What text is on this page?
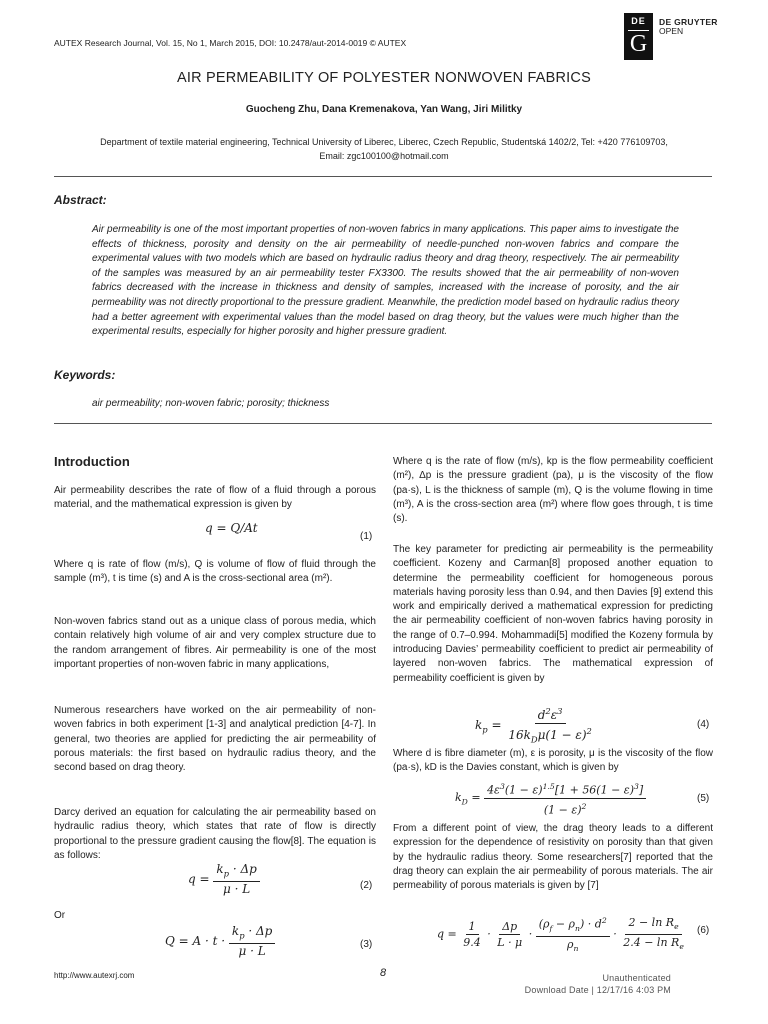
AUTEX Research Journal, Vol. 15, No 1, March 2015, DOI: 10.2478/aut-2014-0019 © AUTEX
DE
G
DE GRUYTER
OPEN
AIR PERMEABILITY OF POLYESTER NONWOVEN FABRICS
Guocheng Zhu, Dana Kremenakova, Yan Wang, Jiri Militky
Department of textile material engineering, Technical University of Liberec, Liberec, Czech Republic, Studentská 1402/2, Tel: +420 776109703,
Email: zgc100100@hotmail.com
Abstract:
Air permeability is one of the most important properties of non-woven fabrics in many applications. This paper aims to investigate the effects of thickness, porosity and density on the air permeability of needle-punched non-woven fabrics and compare the experimental values with two models which are based on hydraulic radius theory and drag theory, respectively. The air permeability of the samples was measured by an air permeability tester FX3300. The results showed that the air permeability of non-woven fabrics decreased with the increase in thickness and density of samples, increased with the increase of porosity, and the air permeability was not directly proportional to the pressure gradient. Meanwhile, the prediction model based on hydraulic radius theory had a better agreement with experimental values than the model based on drag theory, but the values were much higher than the experimental results, especially for higher porosity and higher pressure gradient.
Keywords:
air permeability; non-woven fabric; porosity; thickness
Introduction
Air permeability describes the rate of flow of a fluid through a porous material, and the mathematical expression is given by
q = Q/At
(1)
Where q is rate of flow (m/s), Q is volume of flow of fluid through the sample (m³), t is time (s) and A is the cross-sectional area (m²).
Non-woven fabrics stand out as a unique class of porous media, which contain relatively high volume of air and very complex structure due to the random arrangement of fibres. Air permeability is one of the most important properties of non-woven fabric in many applications,
Numerous researchers have worked on the air permeability of non-woven fabrics in both experiment [1-3] and analytical prediction [4-7]. In general, two theories are applied for predicting the air permeability of porous materials: the first based on hydraulic radius theory, and the second based on drag theory.
Darcy derived an equation for calculating the air permeability based on hydraulic radius theory, which states that rate of flow is directly proportional to the pressure gradient causing the flow[8]. The equation is as follows:
$q = \frac{k_p \cdot \Delta p}{\mu \cdot L}$	(2)
Or
$Q = A \cdot t \cdot \frac{k_p \cdot \Delta p}{\mu \cdot L}$	(3)
Where q is the rate of flow (m/s), kp is the flow permeability coefficient (m²), Δp is the pressure gradient (pa), μ is the viscosity of the flow (pa·s), L is the thickness of sample (m), Q is the volume flowing in time (m³), A is the cross-section area (m²) where flow goes through, t is time (s).
The key parameter for predicting air permeability is the permeability coefficient. Kozeny and Carman[8] proposed another equation to determine the permeability coefficient for homogeneous porous materials having porosity less than 0.94, and then Davies [9] extend this work and empirically derived a mathematical expression for predicting the air permeability coefficient of non-woven fabrics having porosity in the range of 0.7–0.994. Mohammadi[5] modified the Kozeny formula by introducing Davies’ permeability coefficient to predict air permeability of layered non-woven fabrics. The mathematical expression of permeability coefficient is given by
$k_p = \frac{d^2\varepsilon^3}{16k_D\mu(1 - \varepsilon)^2}$	(4)
Where d is fibre diameter (m), ε is porosity, μ is the viscosity of the flow (pa·s), kD is the Davies constant, which is given by
$k_D = \frac{4\varepsilon^3(1 - \varepsilon)^{1.5}[1 + 56(1 - \varepsilon)^3]}{(1 - \varepsilon)^2}$	(5)
From a different point of view, the drag theory leads to a different expression for the dependence of resistivity on porosity than that given by the hydraulic radius theory. Some researchers[7] reported that the drag theory can explain the air permeability of porous materials. The air permeability of porous materials is given by [7]
$q = \frac{1}{9.4} \cdot \frac{\Delta p}{L \cdot \mu} \cdot \frac{(\rho_f - \rho_n) \cdot d^2}{\rho_n} \cdot \frac{2 - \ln R_e}{2.4 - \ln R_e} (6)$
http://www.autexrj.com	8	Unauthenticated
Download Date | 12/17/16 4:03 PM
